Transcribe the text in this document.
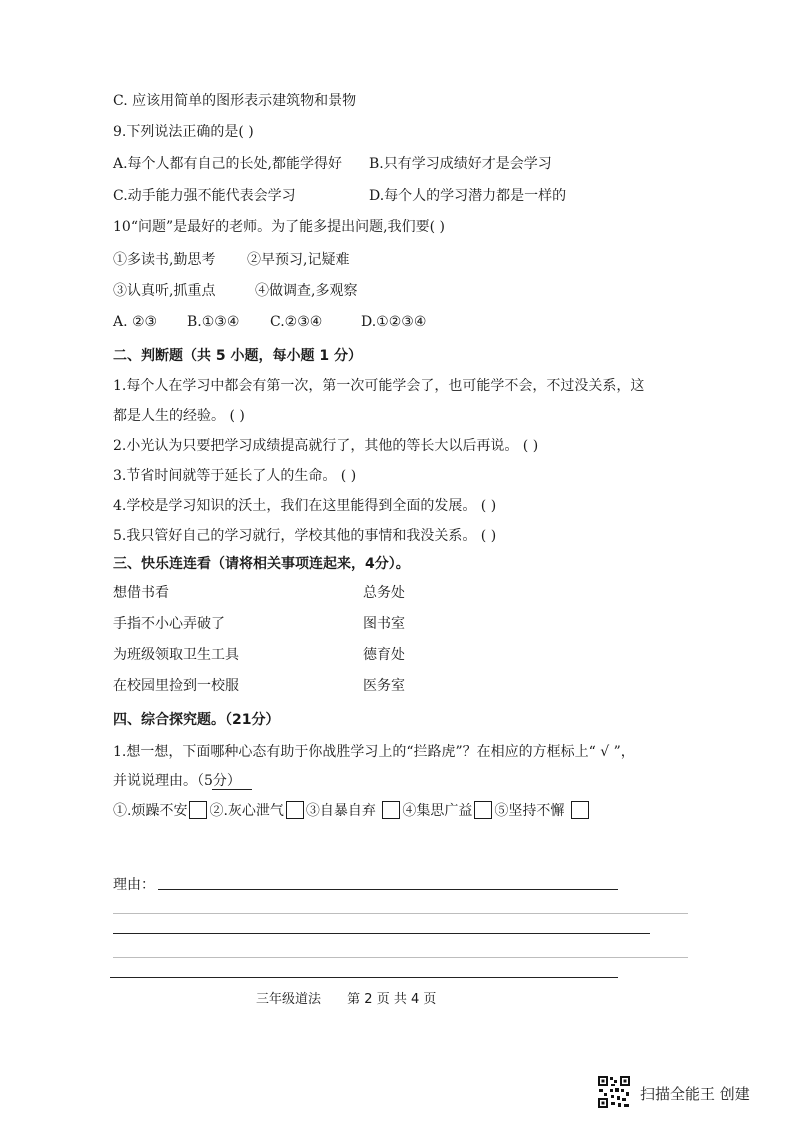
C. 应该用简单的图形表示建筑物和景物
9.下列说法正确的是( )
A.每个人都有自己的长处,都能学得好 B.只有学习成绩好才是会学习
C.动手能力强不能代表会学习	D.每个人的学习潜力都是一样的
10“问题”是最好的老师。为了能多提出问题,我们要( )
①多读书,勤思考 ②早预习,记疑难
③认真听,抓重点	④做调查,多观察
A. ②③ B.①③④ C.②③④	D.①②③④
二、判断题（共 5 小题，每小题 1 分）
1.每个人在学习中都会有第一次，第一次可能学会了，也可能学不会，不过没关系，这
都是人生的经验。 ( )
2.小光认为只要把学习成绩提高就行了，其他的等长大以后再说。 ( )
3.节省时间就等于延长了人的生命。 ( )
4.学校是学习知识的沃土，我们在这里能得到全面的发展。 ( )
5.我只管好自己的学习就行，学校其他的事情和我没关系。 ( )
三、快乐连连看（请将相关事项连起来，4分）。
想借书看	总务处
手指不小心弄破了	图书室
为班级领取卫生工具	德育处
在校园里捡到一校服	医务室
四、综合探究题。（21分）
1.想一想，下面哪种心态有助于你战胜学习上的“拦路虎”？在相应的方框标上“ √ ”，
并说说理由。（5分）
①.烦躁不安 ②.灰心泄气 ③自暴自弃 ④集思广益 ⑤坚持不懈
理由：
三年级道法 第 2 页 共 4 页
扫描全能王 创建
